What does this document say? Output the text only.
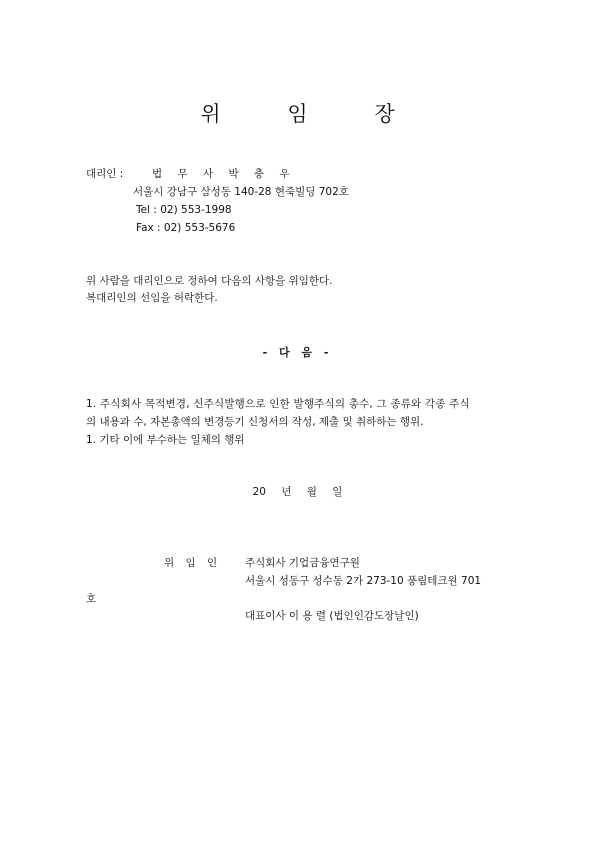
위 임 장
대리인 :	법 무 사 박 충 우
서울시 강남구 삼성동 140-28 현죽빌딩 702호
Tel : 02) 553-1998
Fax : 02) 553-5676
위 사람을 대리인으로 정하여 다음의 사항을 위임한다.
복대리인의 선임을 허락한다.
- 다 음 -
1. 주식회사 목적변경, 신주식발행으로 인한 발행주식의 총수, 그 종류와 각종 주식
의 내용과 수, 자본총액의 변경등기 신청서의 작성, 제출 및 취하하는 행위.
1. 기타 이에 부수하는 일체의 행위
20 년 월 일
위 임 인 주식회사 기업금융연구원
서울시 성동구 성수동 2가 273-10 풍림테크원 701
호
대표이사 이 용 렬 (법인인감도장날인)
